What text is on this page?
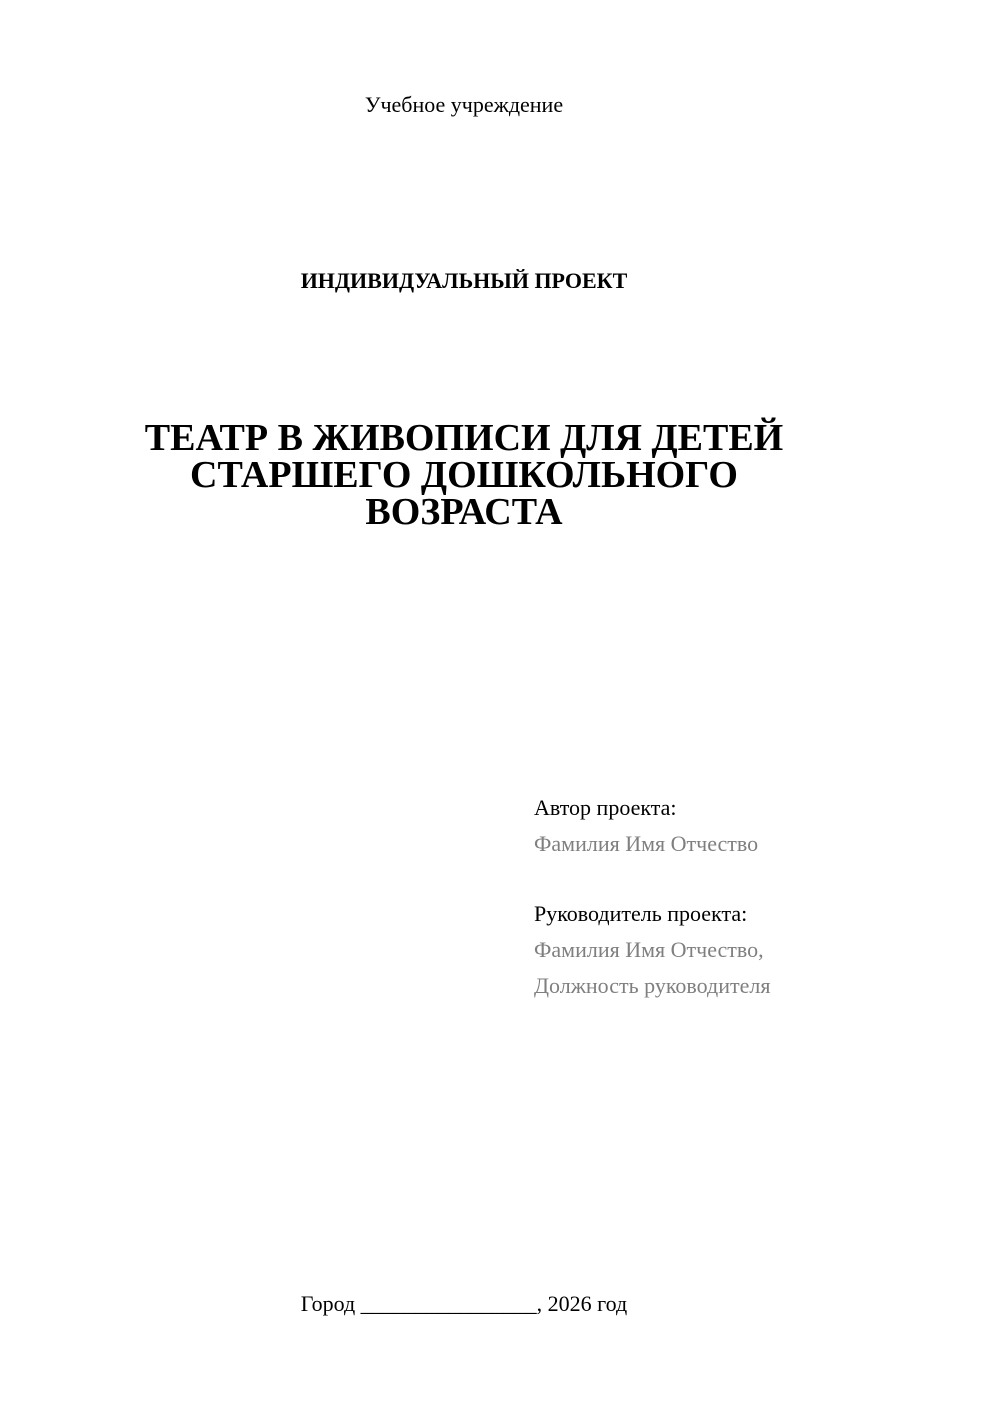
Учебное учреждение

ИНДИВИДУАЛЬНЫЙ ПРОЕКТ

ТЕАТР В ЖИВОПИСИ ДЛЯ ДЕТЕЙ
СТАРШЕГО ДОШКОЛЬНОГО
ВОЗРАСТА
Автор проекта:
Фамилия Имя Отчество
Руководитель проекта:
Фамилия Имя Отчество,
Должность руководителя

Город ________________, 2026 год
